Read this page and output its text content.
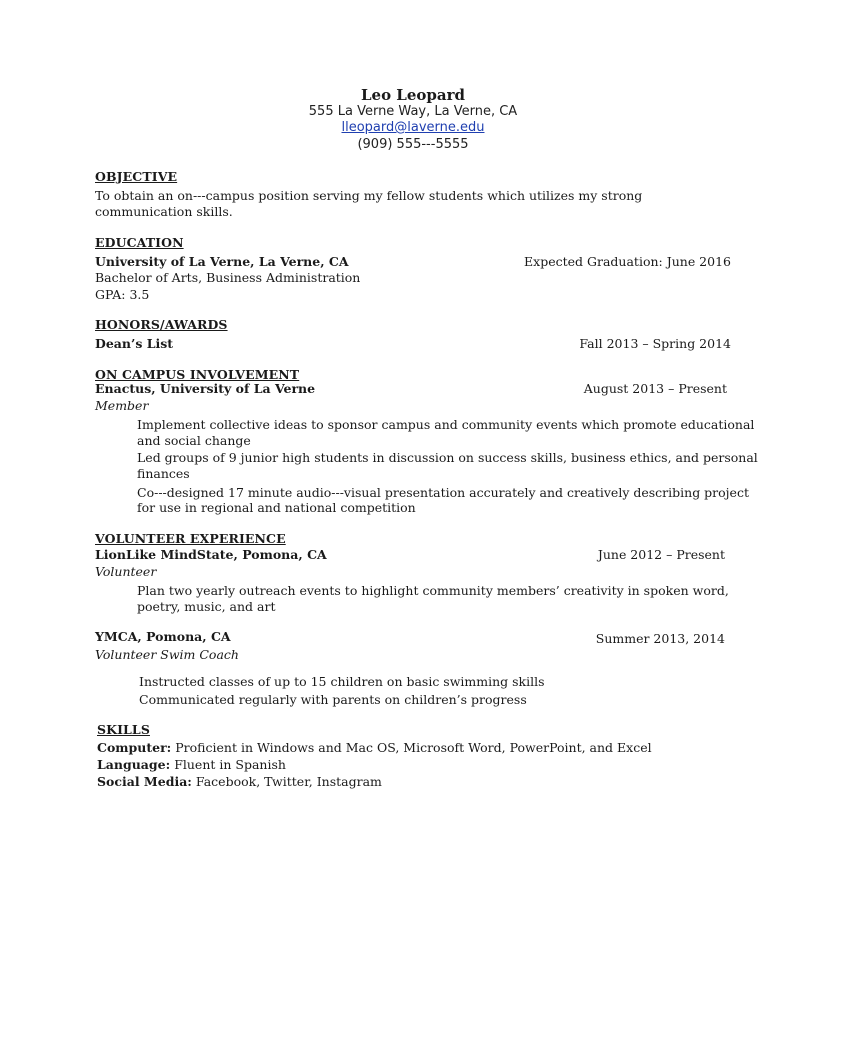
Leo Leopard
555 La Verne Way, La Verne, CA
lleopard@laverne.edu
(909) 555---5555
OBJECTIVE
To obtain an on---campus position serving my fellow students which utilizes my strong
communication skills.
EDUCATION
University of La Verne, La Verne, CA	Expected Graduation: June 2016
Bachelor of Arts, Business Administration
GPA: 3.5
HONORS/AWARDS
Dean’s List	Fall 2013 – Spring 2014
ON CAMPUS INVOLVEMENT
Enactus, University of La Verne	August 2013 – Present
Member
Implement collective ideas to sponsor campus and community events which promote educational
and social change
Led groups of 9 junior high students in discussion on success skills, business ethics, and personal
finances
Co---designed 17 minute audio---visual presentation accurately and creatively describing project
for use in regional and national competition
VOLUNTEER EXPERIENCE
LionLike MindState, Pomona, CA	June 2012 – Present
Volunteer
Plan two yearly outreach events to highlight community members’ creativity in spoken word,
poetry, music, and art
YMCA, Pomona, CA	Summer 2013, 2014
Volunteer Swim Coach
Instructed classes of up to 15 children on basic swimming skills
Communicated regularly with parents on children’s progress
SKILLS
Computer: Proficient in Windows and Mac OS, Microsoft Word, PowerPoint, and Excel
Language: Fluent in Spanish
Social Media: Facebook, Twitter, Instagram
